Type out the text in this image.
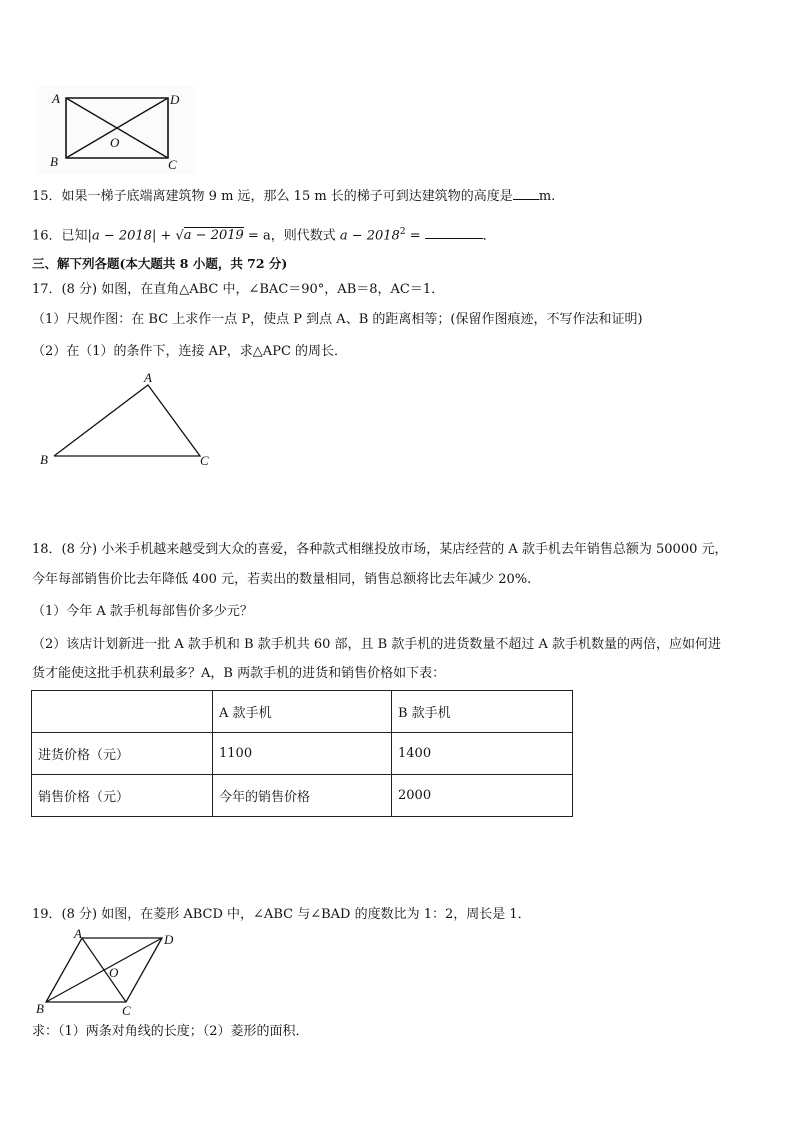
A	D
O
B	C
15．如果一梯子底端离建筑物 9 m 远，那么 15 m 长的梯子可到达建筑物的高度是 m.
16．已知|a − 2018| + √a − 2019 = a，则代数式 $a - 2018^2$ =	．
三、解下列各题(本大题共 8 小题，共 72 分)
17．(8 分) 如图，在直角△ABC 中，∠BAC＝90°，AB＝8，AC＝1．
（1）尺规作图：在 BC 上求作一点 P，使点 P 到点 A、B 的距离相等；(保留作图痕迹，不写作法和证明)
（2）在（1）的条件下，连接 AP，求△APC 的周长．
A
B	C
18．(8 分) 小米手机越来越受到大众的喜爱，各种款式相继投放市场，某店经营的 A 款手机去年销售总额为 50000 元，
今年每部销售价比去年降低 400 元，若卖出的数量相同，销售总额将比去年减少 20%.
（1）今年 A 款手机每部售价多少元？
（2）该店计划新进一批 A 款手机和 B 款手机共 60 部，且 B 款手机的进货数量不超过 A 款手机数量的两倍，应如何进
货才能使这批手机获利最多？A，B 两款手机的进货和销售价格如下表：
	A 款手机	B 款手机
进货价格（元）	1100	1400
销售价格（元）	今年的销售价格	2000
19．(8 分) 如图，在菱形 ABCD 中，∠ABC 与∠BAD 的度数比为 1：2，周长是 1．
A	D
O
B	C
求：（1）两条对角线的长度；（2）菱形的面积．
